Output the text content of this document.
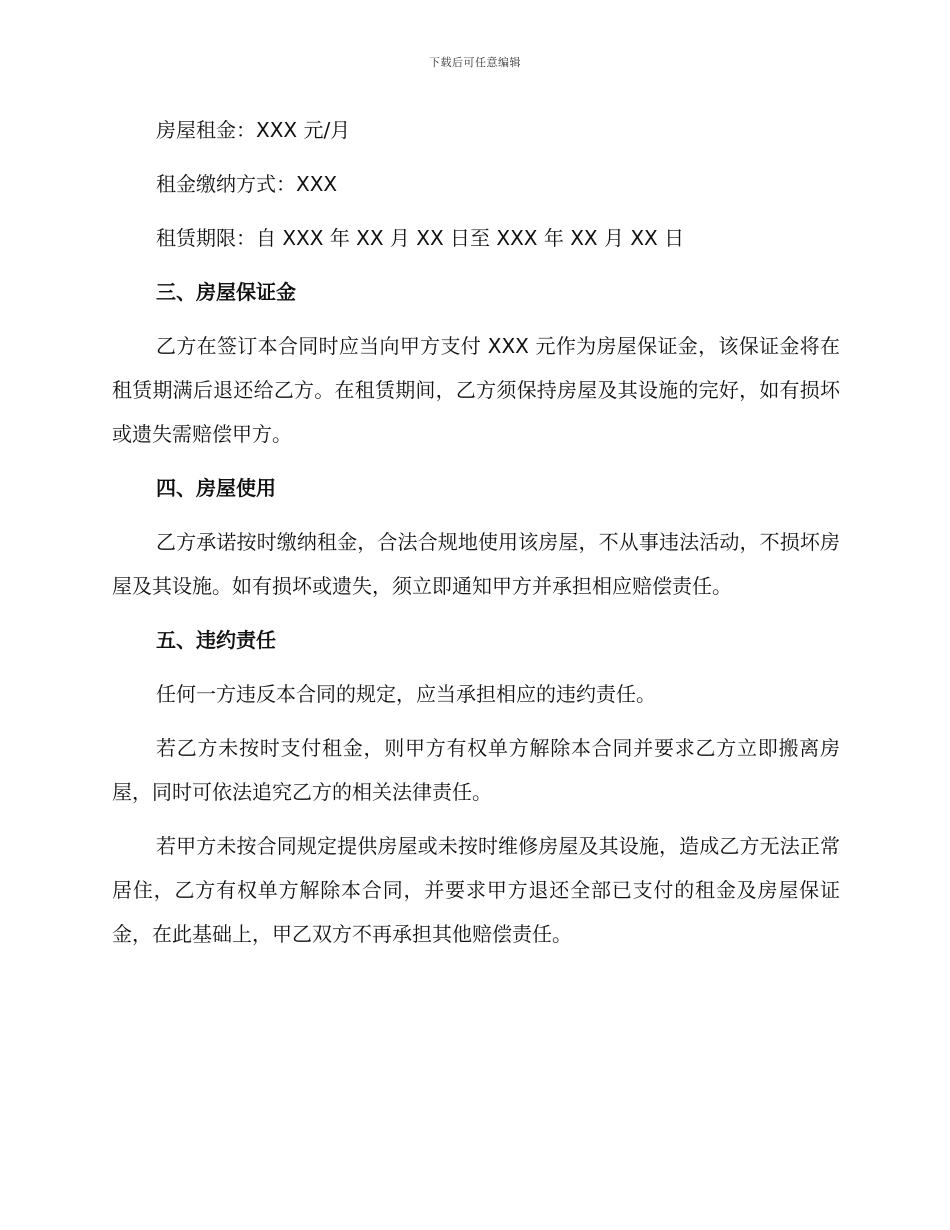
下载后可任意编辑

房屋租金：XXX 元/月

租金缴纳方式：XXX

租赁期限：自 XXX 年 XX 月 XX 日至 XXX 年 XX 月 XX 日

三、房屋保证金

乙方在签订本合同时应当向甲方支付 XXX 元作为房屋保证金，该保证金将在租赁期满后退还给乙方。在租赁期间，乙方须保持房屋及其设施的完好，如有损坏或遗失需赔偿甲方。

四、房屋使用

乙方承诺按时缴纳租金，合法合规地使用该房屋，不从事违法活动，不损坏房屋及其设施。如有损坏或遗失，须立即通知甲方并承担相应赔偿责任。

五、违约责任

任何一方违反本合同的规定，应当承担相应的违约责任。

若乙方未按时支付租金，则甲方有权单方解除本合同并要求乙方立即搬离房屋，同时可依法追究乙方的相关法律责任。

若甲方未按合同规定提供房屋或未按时维修房屋及其设施，造成乙方无法正常居住，乙方有权单方解除本合同，并要求甲方退还全部已支付的租金及房屋保证金，在此基础上，甲乙双方不再承担其他赔偿责任。
